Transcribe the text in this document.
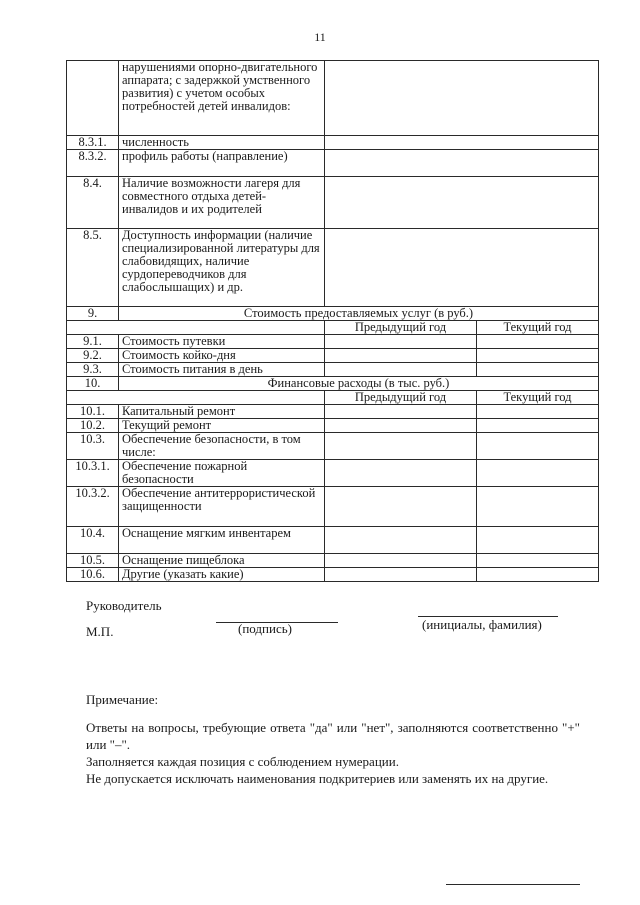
11
	нарушениями опорно-двигательного аппарата; с задержкой умственного развития) с учетом особых потребностей детей инвалидов:		
8.3.1.	численность		
8.3.2.	профиль работы (направление)		
8.4.	Наличие возможности лагеря для совместного отдыха детей-инвалидов и их родителей		
8.5.	Доступность информации (наличие специализированной литературы для слабовидящих, наличие сурдопереводчиков для слабослышащих) и др.		
9.	Стоимость предоставляемых услуг (в руб.)		
		Предыдущий год	Текущий год
9.1.	Стоимость путевки		
9.2.	Стоимость койко-дня		
9.3.	Стоимость питания в день		
10.	Финансовые расходы (в тыс. руб.)		
		Предыдущий год	Текущий год
10.1.	Капитальный ремонт		
10.2.	Текущий ремонт		
10.3.	Обеспечение безопасности, в том числе:		
10.3.1.	Обеспечение пожарной безопасности		
10.3.2.	Обеспечение антитеррористической защищенности		
10.4.	Оснащение мягким инвентарем		
10.5.	Оснащение пищеблока		
10.6.	Другие (указать какие)		
Руководитель
М.П.	(подпись)	(инициалы, фамилия)
Примечание:

Ответы на вопросы, требующие ответа "да" или "нет", заполняются соответственно "+" или "–".

Заполняется каждая позиция с соблюдением нумерации.

Не допускается исключать наименования подкритериев или заменять их на другие.
